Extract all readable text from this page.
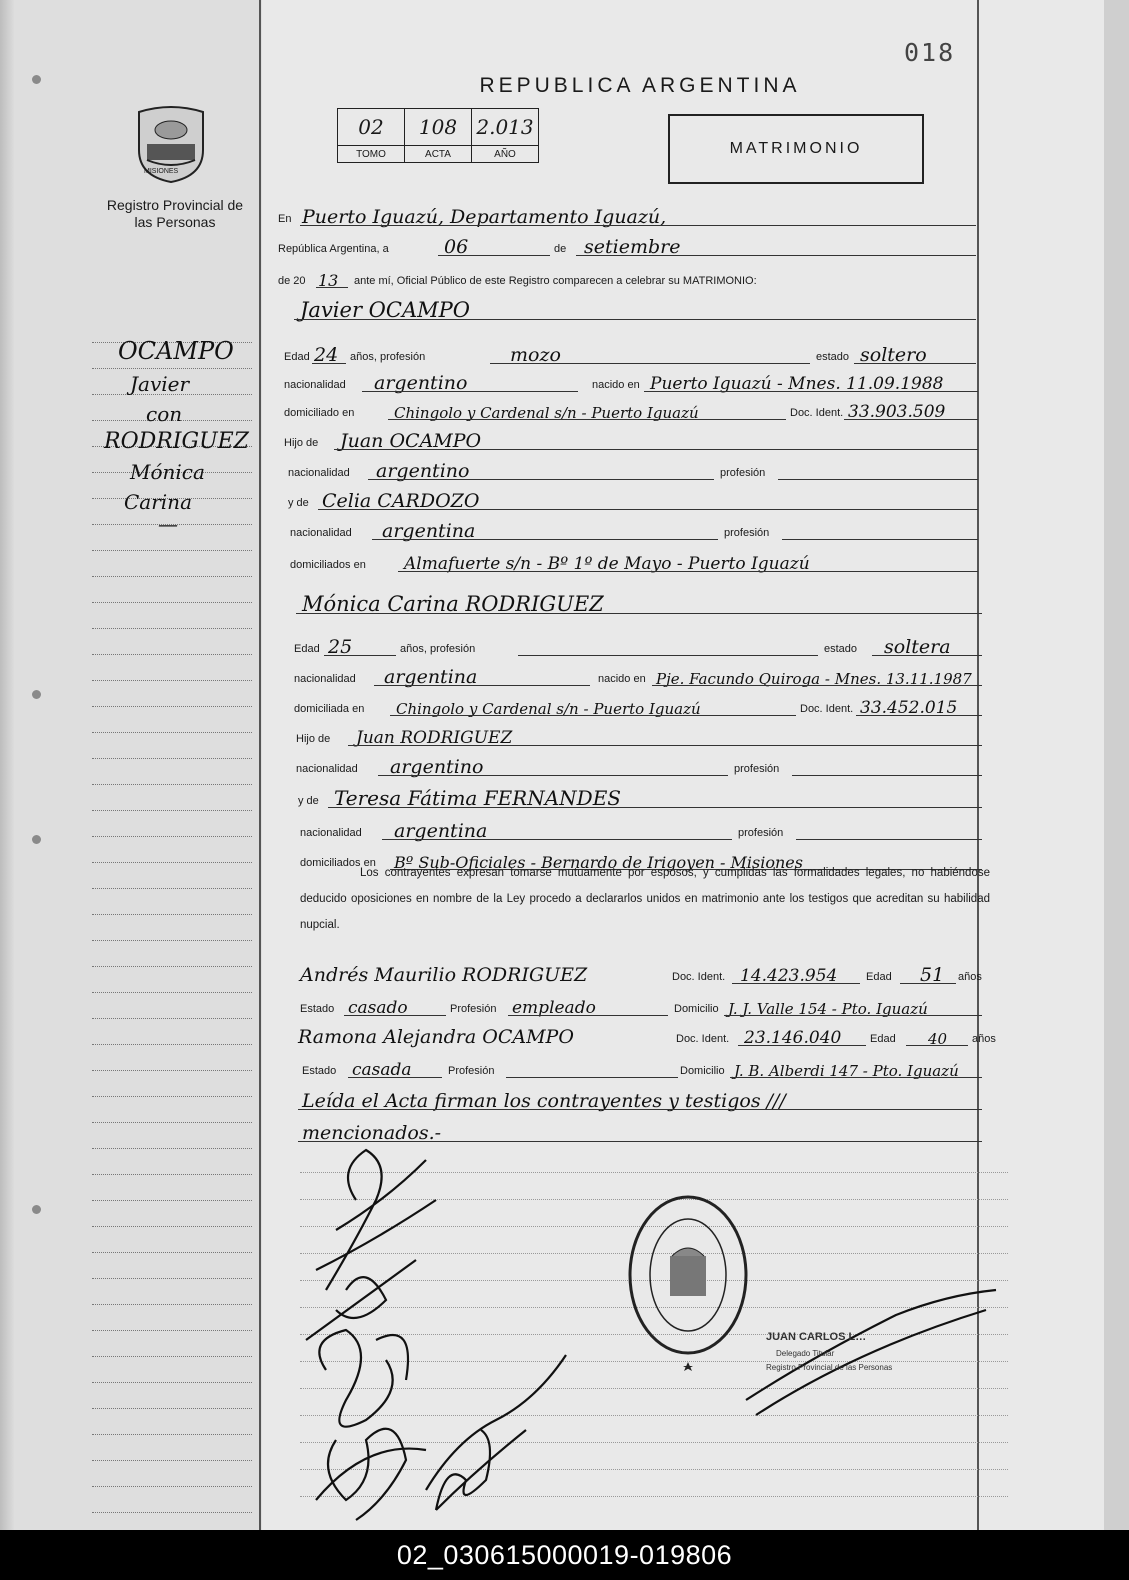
018
REPUBLICA ARGENTINA
MISIONES
Registro Provincial de las Personas
02	108	2.013
TOMO	ACTA	AÑO	MATRIMONIO
OCAMPO
Javier
con
RODRIGUEZ
Mónica
Carina
—
En Puerto Iguazú, Departamento Iguazú,
República Argentina, a	06	de setiembre
de 20 13 ante mí, Oficial Público de este Registro comparecen a celebrar su MATRIMONIO:
Javier OCAMPO
Edad 24 años, profesión	mozo	estado soltero
nacionalidad argentino	nacido en Puerto Iguazú - Mnes. 11.09.1988
domiciliado en	Chingolo y Cardenal s/n - Puerto Iguazú	Doc. Ident. 33.903.509
Hijo de Juan OCAMPO
nacionalidad argentino	profesión
y de Celia CARDOZO
nacionalidad argentina	profesión
domiciliados en Almafuerte s/n - Bº 1º de Mayo - Puerto Iguazú
Mónica Carina RODRIGUEZ
Edad 25	años, profesión	estado soltera
nacionalidad argentina	nacido en Pje. Facundo Quiroga - Mnes. 13.11.1987
domiciliada en Chingolo y Cardenal s/n - Puerto Iguazú	Doc. Ident. 33.452.015
Hijo de Juan RODRIGUEZ
nacionalidad argentino	profesión
y de Teresa Fátima FERNANDES
nacionalidad argentina	profesión
domiciliados en Bº Sub-Oficiales - Bernardo de Irigoyen - Misiones
Los contrayentes expresan tomarse mutuamente por esposos, y cumplidas las formalidades legales, no habiéndose deducido oposiciones en nombre de la Ley procedo a declararlos unidos en matrimonio ante los testigos que acreditan su habilidad nupcial.
Andrés Maurilio RODRIGUEZ	Doc. Ident. 14.423.954	Edad 51 años
Estado casado	Profesión empleado	Domicilio J. J. Valle 154 - Pto. Iguazú
Ramona Alejandra OCAMPO	Doc. Ident. 23.146.040	Edad 40 años
Estado casada	Profesión	Domicilio J. B. Alberdi 147 - Pto. Iguazú
Leída el Acta firman los contrayentes y testigos ///
mencionados.-
JUAN CARLOS L…
Delegado Titular
Registro Provincial de las Personas
02_030615000019-019806
